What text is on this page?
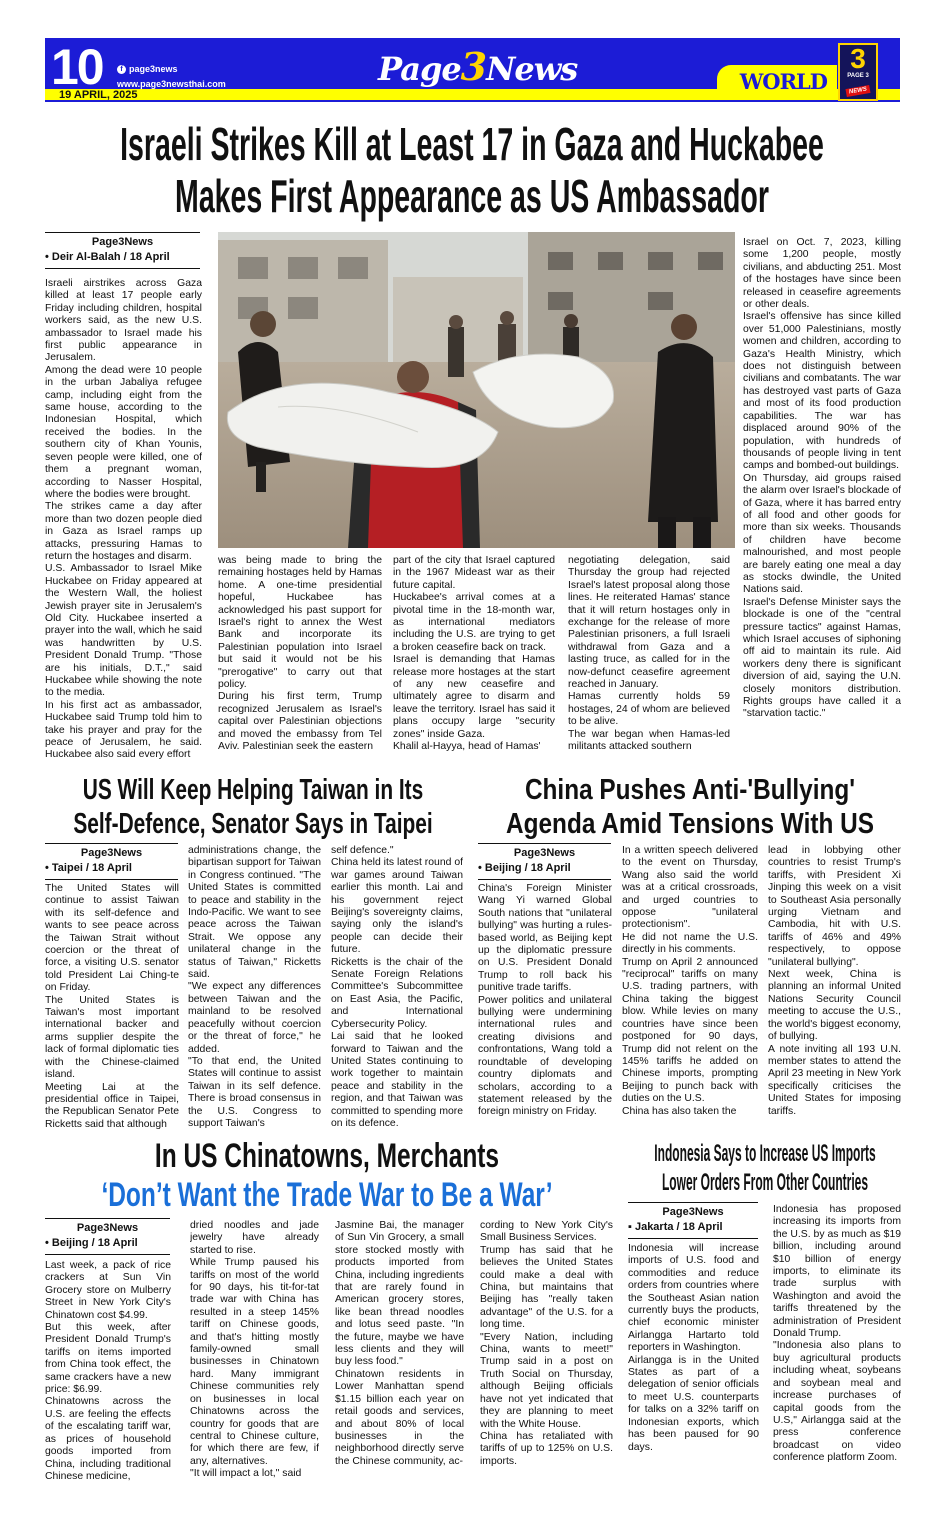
WORLD
10	f page3news
www.page3newsthai.com
19 APRIL, 2025
Page3News	3
PAGE 3
NEWS
Israeli Strikes Kill at Least 17 in Gaza and Huckabee
Makes First Appearance as US Ambassador
Page3News
• Deir Al-Balah / 18 April

Israeli airstrikes across Gaza killed at least 17 people early Friday including children, hospital workers said, as the new U.S. ambassador to Israel made his first public appearance in Jerusalem.

Among the dead were 10 people in the urban Jabaliya refugee camp, including eight from the same house, according to the Indonesian Hospital, which received the bodies. In the southern city of Khan Younis, seven people were killed, one of them a pregnant woman, according to Nasser Hospital, where the bodies were brought.

The strikes came a day after more than two dozen people died in Gaza as Israel ramps up attacks, pressuring Hamas to return the hostages and disarm.

U.S. Ambassador to Israel Mike Huckabee on Friday appeared at the Western Wall, the holiest Jewish prayer site in Jerusalem's Old City. Huckabee inserted a prayer into the wall, which he said was handwritten by U.S. President Donald Trump. "Those are his initials, D.T.," said Huckabee while showing the note to the media.

In his first act as ambassador, Huckabee said Trump told him to take his prayer and pray for the peace of Jerusalem, he said. Huckabee also said every effort

was being made to bring the remaining hostages held by Hamas home. A one-time presidential hopeful, Huckabee has acknowledged his past support for Israel's right to annex the West Bank and incorporate its Palestinian population into Israel but said it would not be his "prerogative" to carry out that policy.

During his first term, Trump recognized Jerusalem as Israel's capital over Palestinian objections and moved the embassy from Tel Aviv. Palestinian seek the eastern

part of the city that Israel captured in the 1967 Mideast war as their future capital.

Huckabee's arrival comes at a pivotal time in the 18-month war, as international mediators including the U.S. are trying to get a broken ceasefire back on track.

Israel is demanding that Hamas release more hostages at the start of any new ceasefire and ultimately agree to disarm and leave the territory. Israel has said it plans occupy large "security zones" inside Gaza.

Khalil al-Hayya, head of Hamas'

negotiating delegation, said Thursday the group had rejected Israel's latest proposal along those lines. He reiterated Hamas' stance that it will return hostages only in exchange for the release of more Palestinian prisoners, a full Israeli withdrawal from Gaza and a lasting truce, as called for in the now-defunct ceasefire agreement reached in January.

Hamas currently holds 59 hostages, 24 of whom are believed to be alive.

The war began when Hamas-led militants attacked southern

Israel on Oct. 7, 2023, killing some 1,200 people, mostly civilians, and abducting 251. Most of the hostages have since been released in ceasefire agreements or other deals.

Israel's offensive has since killed over 51,000 Palestinians, mostly women and children, according to Gaza's Health Ministry, which does not distinguish between civilians and combatants. The war has destroyed vast parts of Gaza and most of its food production capabilities. The war has displaced around 90% of the population, with hundreds of thousands of people living in tent camps and bombed-out buildings.

On Thursday, aid groups raised the alarm over Israel's blockade of of Gaza, where it has barred entry of all food and other goods for more than six weeks. Thousands of children have become malnourished, and most people are barely eating one meal a day as stocks dwindle, the United Nations said.

Israel's Defense Minister says the blockade is one of the "central pressure tactics" against Hamas, which Israel accuses of siphoning off aid to maintain its rule. Aid workers deny there is significant diversion of aid, saying the U.N. closely monitors distribution. Rights groups have called it a "starvation tactic."

US Will Keep Helping Taiwan in Its
Self-Defence, Senator Says in Taipei
Page3News
• Taipei / 18 April

The United States will continue to assist Taiwan with its self-defence and wants to see peace across the Taiwan Strait without coercion or the threat of force, a visiting U.S. senator told President Lai Ching-te on Friday.

The United States is Taiwan's most important international backer and arms supplier despite the lack of formal diplomatic ties with the Chinese-claimed island.

Meeting Lai at the presidential office in Taipei, the Republican Senator Pete Ricketts said that although

administrations change, the bipartisan support for Taiwan in Congress continued. "The United States is committed to peace and stability in the Indo-Pacific. We want to see peace across the Taiwan Strait. We oppose any unilateral change in the status of Taiwan," Ricketts said.

"We expect any differences between Taiwan and the mainland to be resolved peacefully without coercion or the threat of force," he added.

"To that end, the United States will continue to assist Taiwan in its self defence. There is broad consensus in the U.S. Congress to support Taiwan's

self defence."

China held its latest round of war games around Taiwan earlier this month. Lai and his government reject Beijing's sovereignty claims, saying only the island's people can decide their future.

Ricketts is the chair of the Senate Foreign Relations Committee's Subcommittee on East Asia, the Pacific, and International Cybersecurity Policy.

Lai said that he looked forward to Taiwan and the United States continuing to work together to maintain peace and stability in the region, and that Taiwan was committed to spending more on its defence.

China Pushes Anti-'Bullying'
Agenda Amid Tensions With US
Page3News
• Beijing / 18 April

China's Foreign Minister Wang Yi warned Global South nations that "unilateral bullying" was hurting a rules-based world, as Beijing kept up the diplomatic pressure on U.S. President Donald Trump to roll back his punitive trade tariffs.

Power politics and unilateral bullying were undermining international rules and creating divisions and confrontations, Wang told a roundtable of developing country diplomats and scholars, according to a statement released by the foreign ministry on Friday.

In a written speech delivered to the event on Thursday, Wang also said the world was at a critical crossroads, and urged countries to oppose "unilateral protectionism".

He did not name the U.S. directly in his comments.

Trump on April 2 announced "reciprocal" tariffs on many U.S. trading partners, with China taking the biggest blow. While levies on many countries have since been postponed for 90 days, Trump did not relent on the 145% tariffs he added on Chinese imports, prompting Beijing to punch back with duties on the U.S.

China has also taken the

lead in lobbying other countries to resist Trump's tariffs, with President Xi Jinping this week on a visit to Southeast Asia personally urging Vietnam and Cambodia, hit with U.S. tariffs of 46% and 49% respectively, to oppose "unilateral bullying".

Next week, China is planning an informal United Nations Security Council meeting to accuse the U.S., the world's biggest economy, of bullying.

A note inviting all 193 U.N. member states to attend the April 23 meeting in New York specifically criticises the United States for imposing tariffs.

In US Chinatowns, Merchants
‘Don’t Want the Trade War to Be a War’
Page3News
• Beijing / 18 April

Last week, a pack of rice crackers at Sun Vin Grocery store on Mulberry Street in New York City's Chinatown cost $4.99.

But this week, after President Donald Trump's tariffs on items imported from China took effect, the same crackers have a new price: $6.99.

Chinatowns across the U.S. are feeling the effects of the escalating tariff war, as prices of household goods imported from China, including traditional Chinese medicine,

dried noodles and jade jewelry have already started to rise.

While Trump paused his tariffs on most of the world for 90 days, his tit-for-tat trade war with China has resulted in a steep 145% tariff on Chinese goods, and that's hitting mostly family-owned small businesses in Chinatown hard. Many immigrant Chinese communities rely on businesses in local Chinatowns across the country for goods that are central to Chinese culture, for which there are few, if any, alternatives.

"It will impact a lot," said

Jasmine Bai, the manager of Sun Vin Grocery, a small store stocked mostly with products imported from China, including ingredients that are rarely found in American grocery stores, like bean thread noodles and lotus seed paste. "In the future, maybe we have less clients and they will buy less food."

Chinatown residents in Lower Manhattan spend $1.15 billion each year on retail goods and services, and about 80% of local businesses in the neighborhood directly serve the Chinese community, ac-

cording to New York City's Small Business Services.

Trump has said that he believes the United States could make a deal with China, but maintains that Beijing has "really taken advantage" of the U.S. for a long time.

"Every Nation, including China, wants to meet!" Trump said in a post on Truth Social on Thursday, although Beijing officials have not yet indicated that they are planning to meet with the White House.

China has retaliated with tariffs of up to 125% on U.S. imports.

Indonesia Says to Increase US Imports
Lower Orders From Other Countries
Page3News
▪ Jakarta / 18 April

Indonesia will increase imports of U.S. food and commodities and reduce orders from countries where the Southeast Asian nation currently buys the products, chief economic minister Airlangga Hartarto told reporters in Washington.

Airlangga is in the United States as part of a delegation of senior officials to meet U.S. counterparts for talks on a 32% tariff on Indonesian exports, which has been paused for 90 days.

Indonesia has proposed increasing its imports from the U.S. by as much as $19 billion, including around $10 billion of energy imports, to eliminate its trade surplus with Washington and avoid the tariffs threatened by the administration of President Donald Trump.

"Indonesia also plans to buy agricultural products including wheat, soybeans and soybean meal and increase purchases of capital goods from the U.S," Airlangga said at the press conference broadcast on video conference platform Zoom.
